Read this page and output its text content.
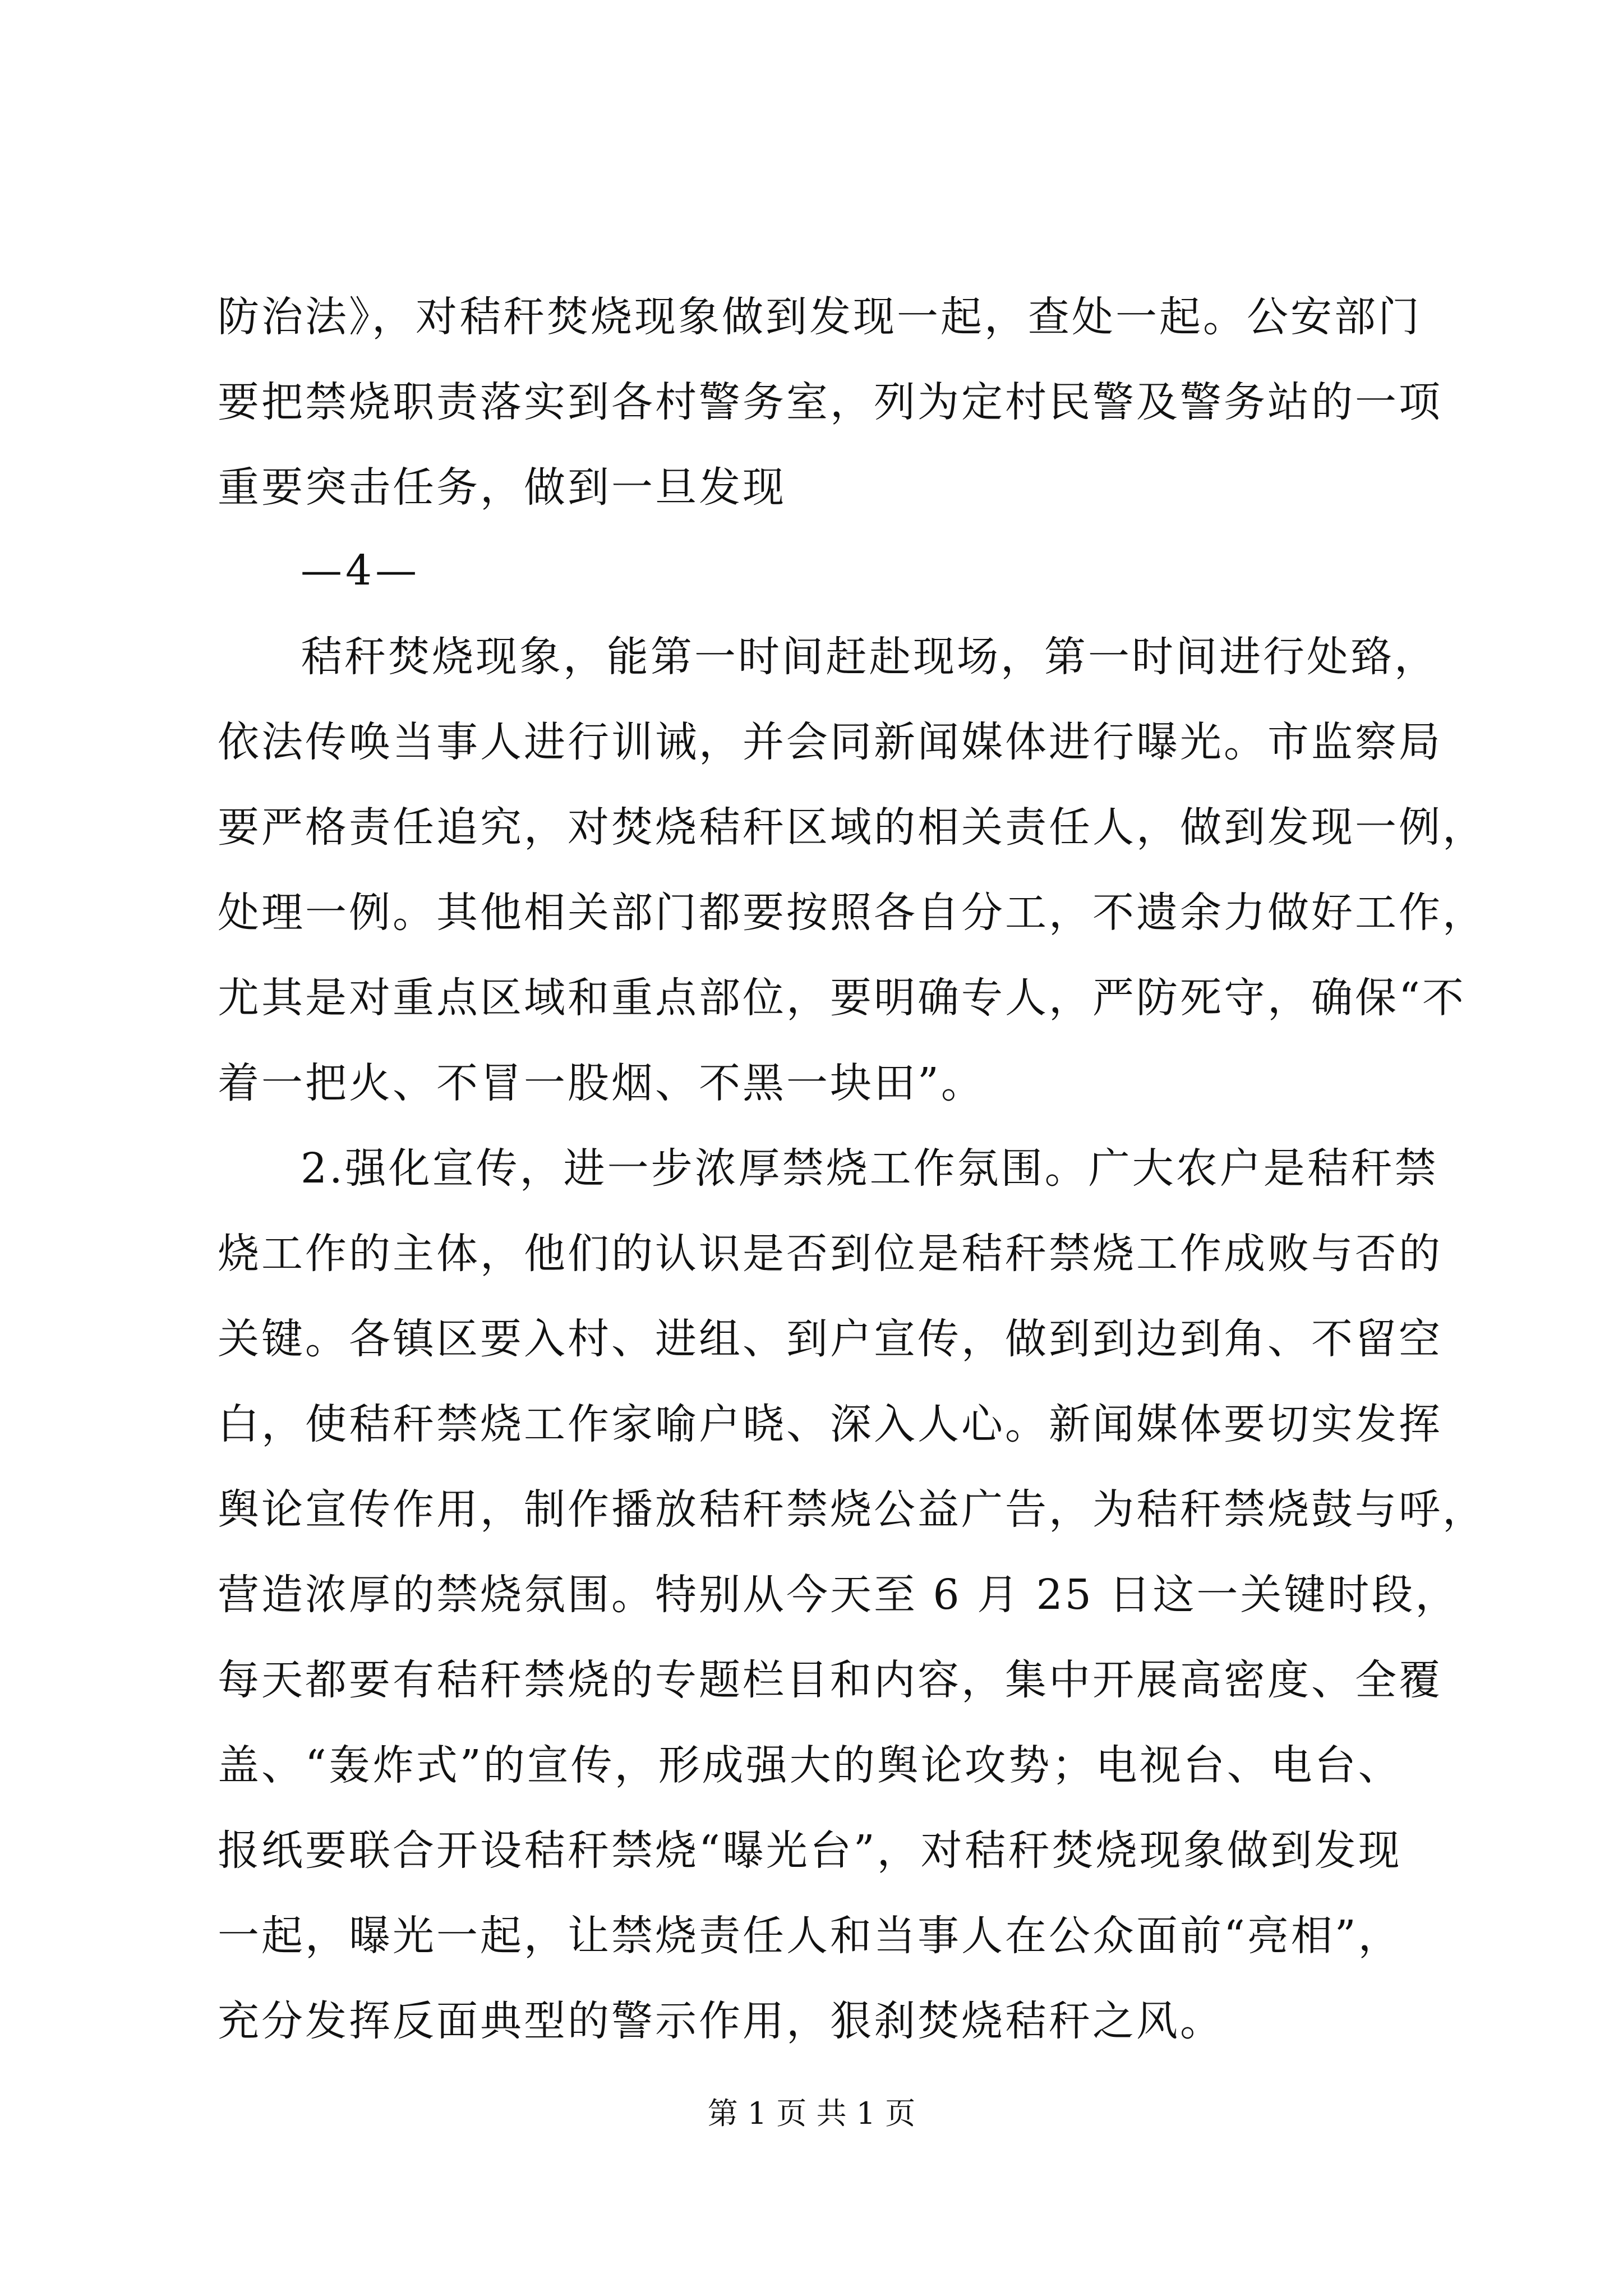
防治法》，对秸秆焚烧现象做到发现一起，查处一起。公安部门
要把禁烧职责落实到各村警务室，列为定村民警及警务站的一项
重要突击任务，做到一旦发现
—4—
秸秆焚烧现象，能第一时间赶赴现场，第一时间进行处臵，
依法传唤当事人进行训诫，并会同新闻媒体进行曝光。市监察局
要严格责任追究，对焚烧秸秆区域的相关责任人，做到发现一例，
处理一例。其他相关部门都要按照各自分工，不遗余力做好工作，
尤其是对重点区域和重点部位，要明确专人，严防死守，确保“不
着一把火、不冒一股烟、不黑一块田”。
2.强化宣传，进一步浓厚禁烧工作氛围。广大农户是秸秆禁
烧工作的主体，他们的认识是否到位是秸秆禁烧工作成败与否的
关键。各镇区要入村、进组、到户宣传，做到到边到角、不留空
白，使秸秆禁烧工作家喻户晓、深入人心。新闻媒体要切实发挥
舆论宣传作用，制作播放秸秆禁烧公益广告，为秸秆禁烧鼓与呼，
营造浓厚的禁烧氛围。特别从今天至 6 月 25 日这一关键时段，
每天都要有秸秆禁烧的专题栏目和内容，集中开展高密度、全覆
盖、“轰炸式”的宣传，形成强大的舆论攻势；电视台、电台、
报纸要联合开设秸秆禁烧“曝光台”，对秸秆焚烧现象做到发现
一起，曝光一起，让禁烧责任人和当事人在公众面前“亮相”，
充分发挥反面典型的警示作用，狠刹焚烧秸秆之风。
第 1 页 共 1 页
